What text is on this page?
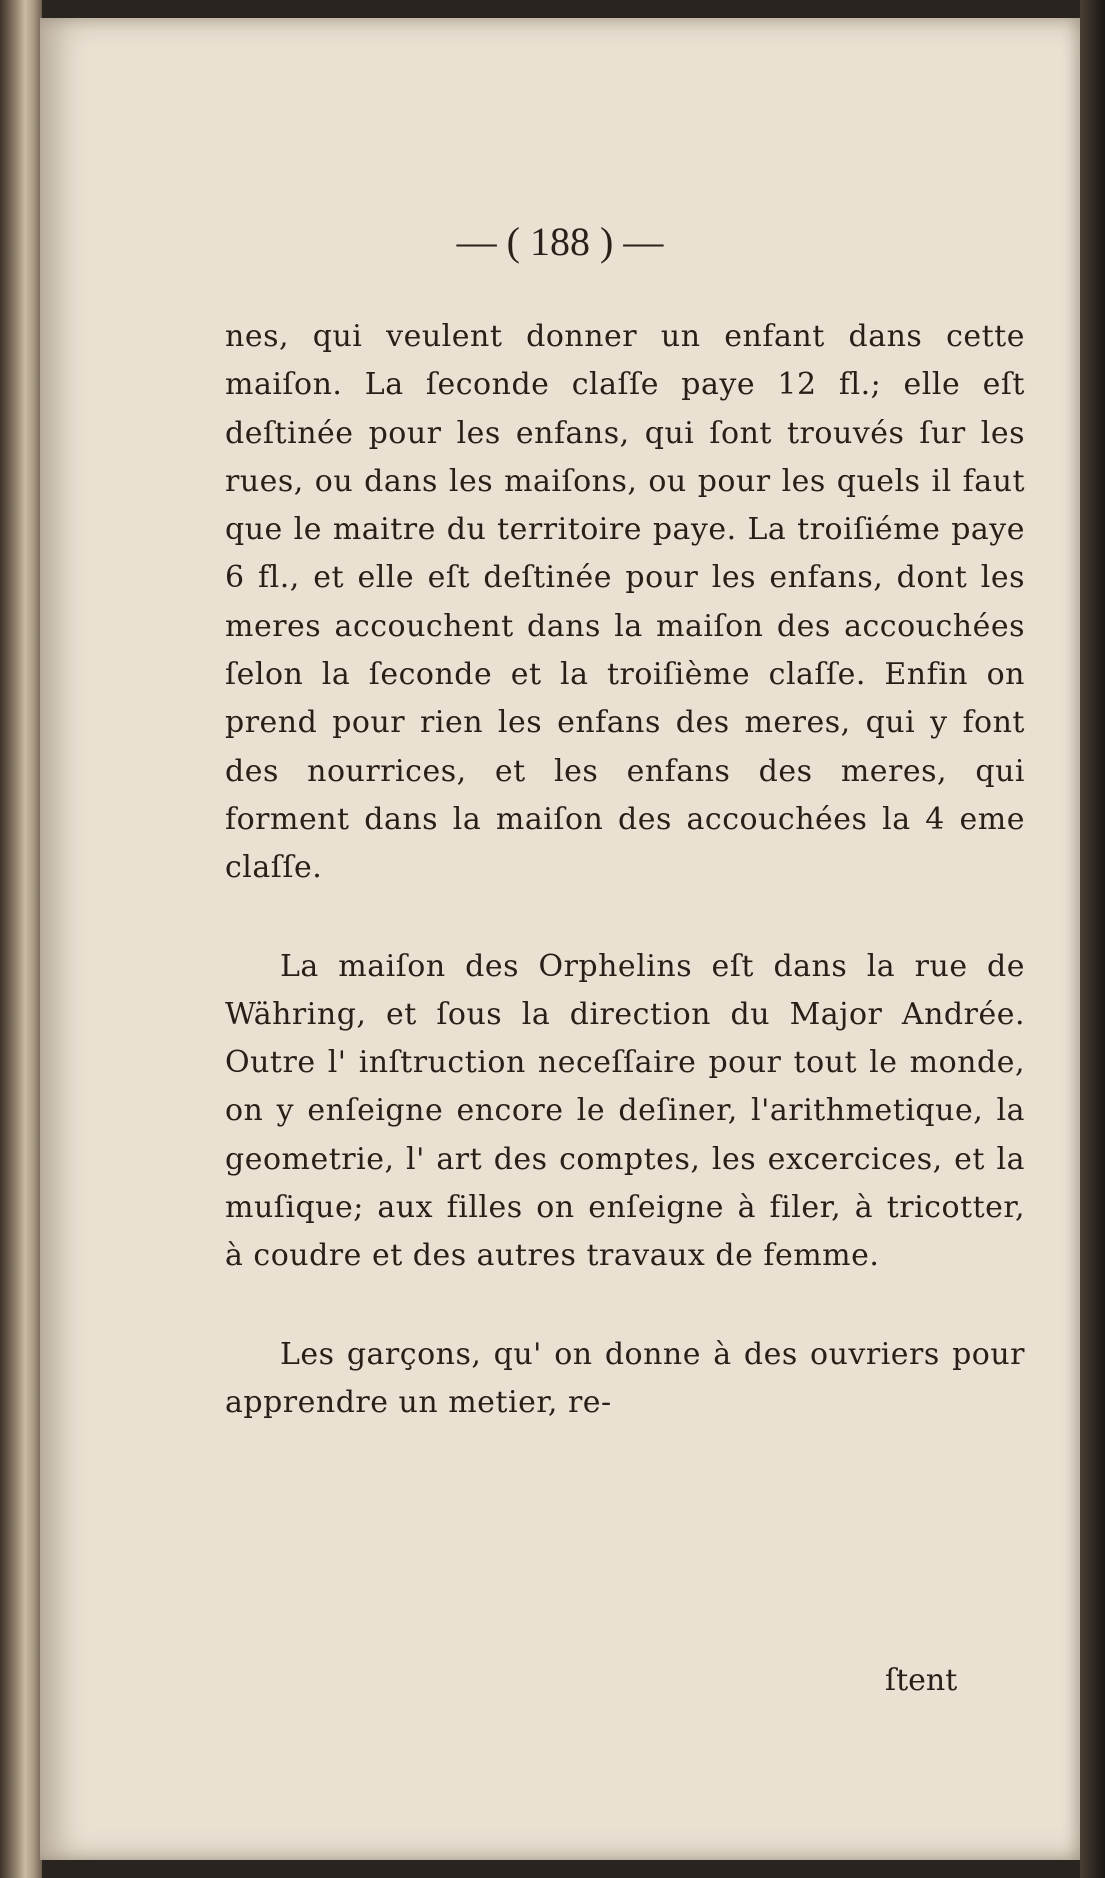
— ( 188 ) —

nes, qui veulent donner un enfant dans cette maiſon. La ſeconde claſſe paye 12 fl.; elle eſt deſtinée pour les enfans, qui ſont trouvés ſur les rues, ou dans les maiſons, ou pour les quels il faut que le maitre du territoire paye. La troiſiéme paye 6 fl., et elle eſt deſtinée pour les enfans, dont les meres accouchent dans la maiſon des accouchées ſelon la ſeconde et la troiſième claſſe. Enfin on prend pour rien les enfans des meres, qui y font des nourrices, et les enfans des meres, qui forment dans la maiſon des accouchées la 4 eme claſſe.

La maiſon des Orphelins eſt dans la rue de Währing, et ſous la direction du Major Andrée. Outre l' inſtruction neceſſaire pour tout le monde, on y enſeigne encore le deſiner, l'arithmetique, la geometrie, l' art des comptes, les excercices, et la muſique; aux filles on enſeigne à filer, à tricotter, à coudre et des autres travaux de femme.

Les garçons, qu' on donne à des ouvriers pour apprendre un metier, re-

ſtent
